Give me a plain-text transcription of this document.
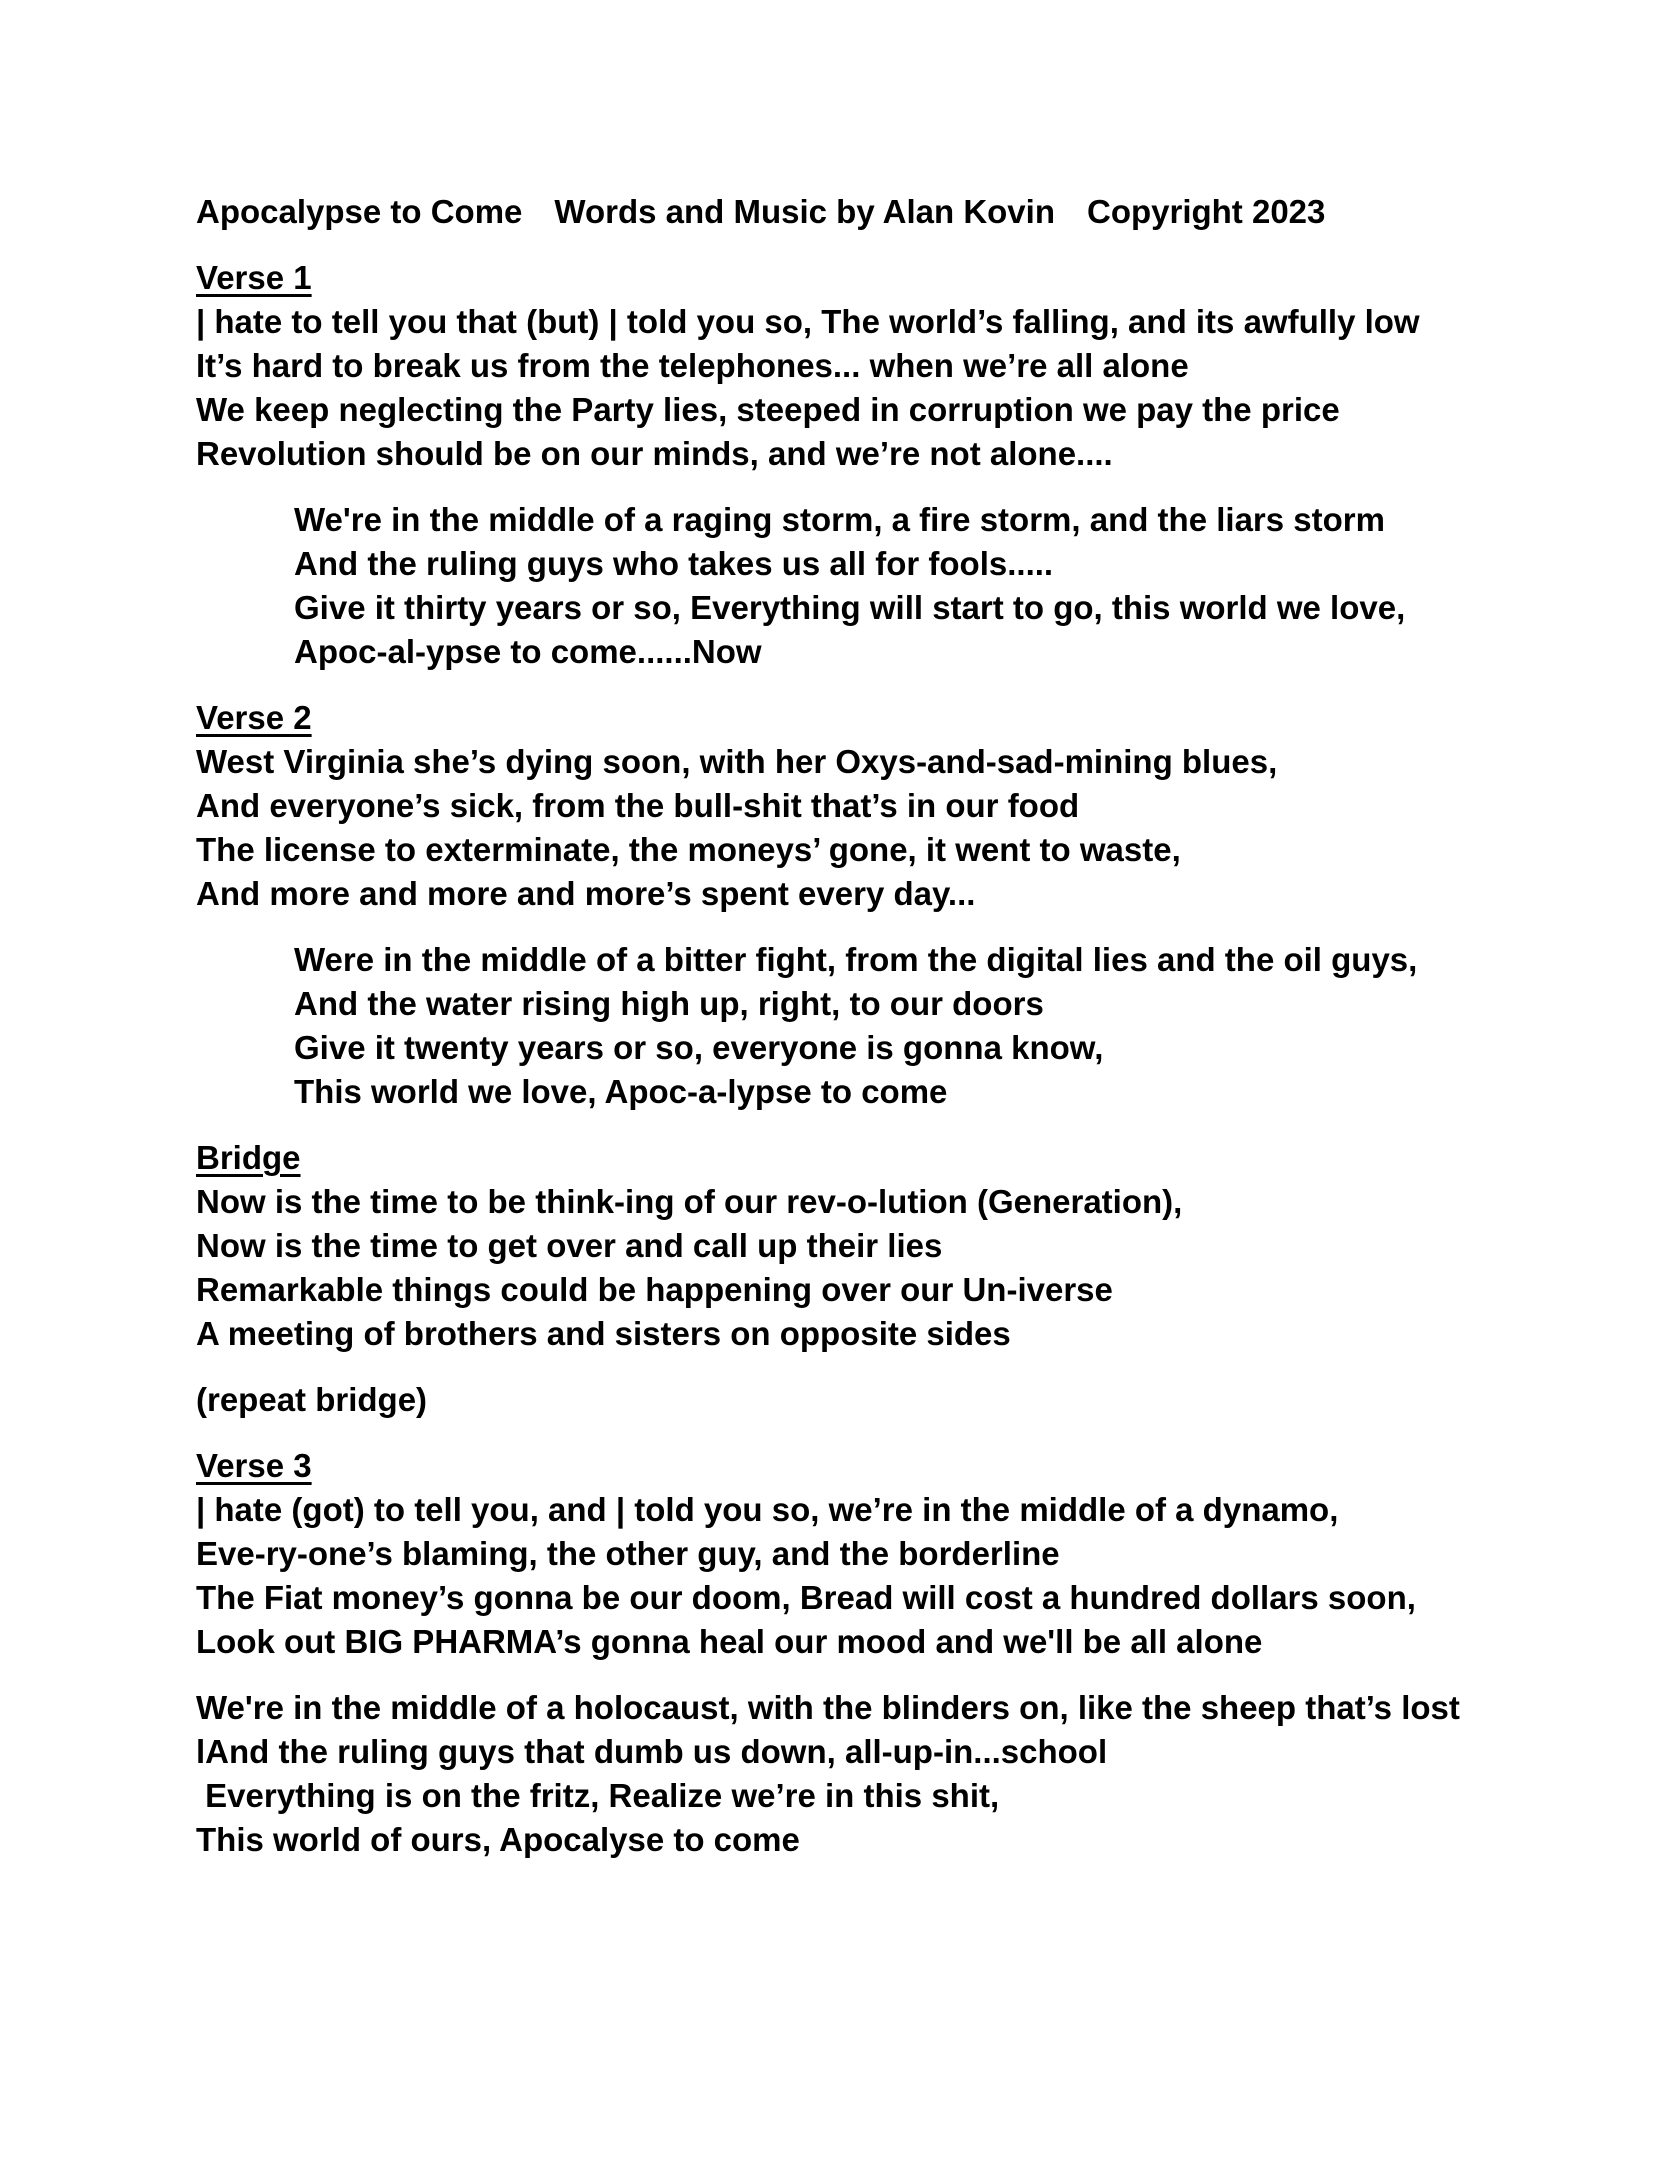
Apocalypse to Come Words and Music by Alan Kovin Copyright 2023
Verse 1
| hate to tell you that (but) | told you so, The world’s falling, and its awfully low
It’s hard to break us from the telephones... when we’re all alone
We keep neglecting the Party lies, steeped in corruption we pay the price
Revolution should be on our minds, and we’re not alone....
We're in the middle of a raging storm, a fire storm, and the liars storm
And the ruling guys who takes us all for fools.....
Give it thirty years or so, Everything will start to go, this world we love,
Apoc-al-ypse to come......Now
Verse 2
West Virginia she’s dying soon, with her Oxys-and-sad-mining blues,
And everyone’s sick, from the bull-shit that’s in our food
The license to exterminate, the moneys’ gone, it went to waste,
And more and more and more’s spent every day...
Were in the middle of a bitter fight, from the digital lies and the oil guys,
And the water rising high up, right, to our doors
Give it twenty years or so, everyone is gonna know,
This world we love, Apoc-a-lypse to come
Bridge
Now is the time to be think-ing of our rev-o-lution (Generation),
Now is the time to get over and call up their lies
Remarkable things could be happening over our Un-iverse
A meeting of brothers and sisters on opposite sides
(repeat bridge)
Verse 3
| hate (got) to tell you, and | told you so, we’re in the middle of a dynamo,
Eve-ry-one’s blaming, the other guy, and the borderline
The Fiat money’s gonna be our doom, Bread will cost a hundred dollars soon,
Look out BIG PHARMA’s gonna heal our mood and we'll be all alone
We're in the middle of a holocaust, with the blinders on, like the sheep that’s lost
lAnd the ruling guys that dumb us down, all-up-in...school
Everything is on the fritz, Realize we’re in this shit,
This world of ours, Apocalyse to come
